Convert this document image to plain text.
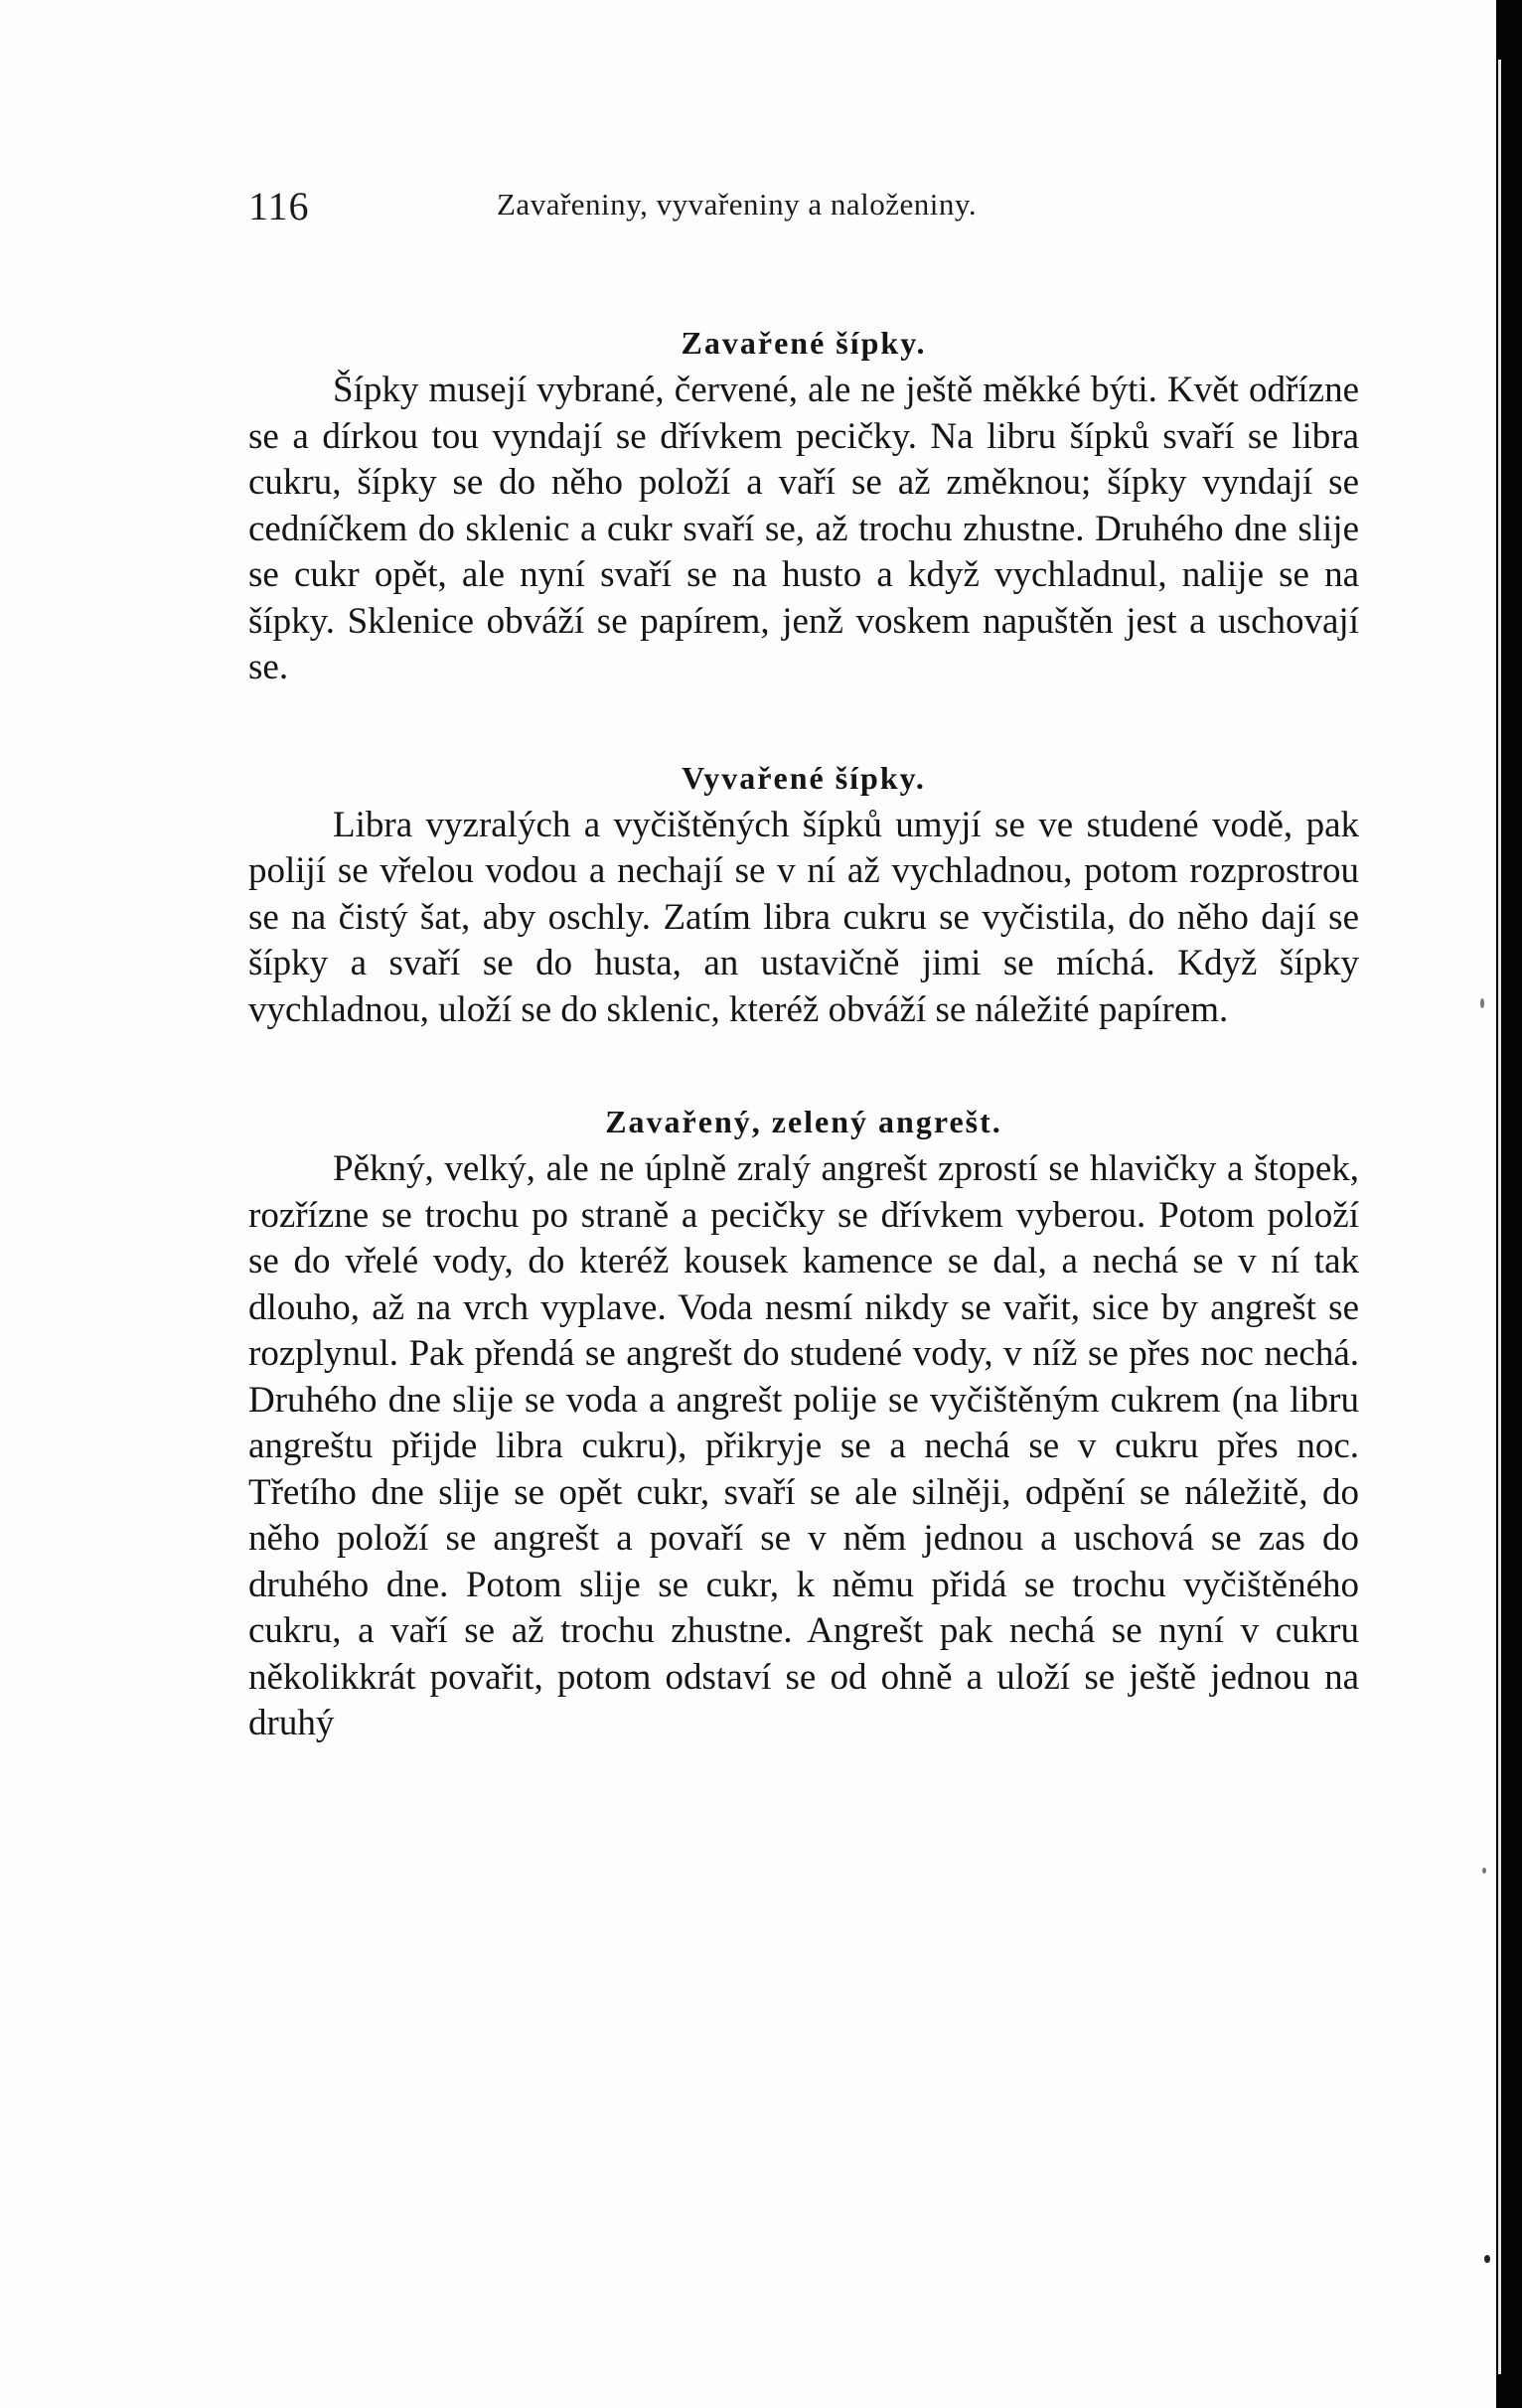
116	Zavařeniny, vyvařeniny a naloženiny.
Zavařené šípky.

Šípky musejí vybrané, červené, ale ne ještě měkké býti. Květ odřízne se a dírkou tou vyndají se dřívkem pecičky. Na libru šípků svaří se libra cukru, šípky se do něho položí a vaří se až změknou; šípky vyndají se cedníčkem do sklenic a cukr svaří se, až trochu zhustne. Druhého dne slije se cukr opět, ale nyní svaří se na husto a když vychladnul, nalije se na šípky. Sklenice obváží se papírem, jenž voskem napuštěn jest a uschovají se.

Vyvařené šípky.

Libra vyzralých a vyčištěných šípků umyjí se ve studené vodě, pak polijí se vřelou vodou a nechají se v ní až vychladnou, potom rozprostrou se na čistý šat, aby oschly. Zatím libra cukru se vyčistila, do něho dají se šípky a svaří se do husta, an ustavičně jimi se míchá. Když šípky vychladnou, uloží se do sklenic, kteréž obváží se náležité papírem.

Zavařený, zelený angrešt.

Pěkný, velký, ale ne úplně zralý angrešt zprostí se hlavičky a štopek, rozřízne se trochu po straně a pecičky se dřívkem vyberou. Potom položí se do vřelé vody, do kteréž kousek kamence se dal, a nechá se v ní tak dlouho, až na vrch vyplave. Voda nesmí nikdy se vařit, sice by angrešt se rozplynul. Pak přendá se angrešt do studené vody, v níž se přes noc nechá. Druhého dne slije se voda a angrešt polije se vyčištěným cukrem (na libru angreštu přijde libra cukru), přikryje se a nechá se v cukru přes noc. Třetího dne slije se opět cukr, svaří se ale silněji, odpění se náležitě, do něho položí se angrešt a povaří se v něm jednou a uschová se zas do druhého dne. Potom slije se cukr, k němu přidá se trochu vyčištěného cukru, a vaří se až trochu zhustne. Angrešt pak nechá se nyní v cukru několikkrát povařit, potom odstaví se od ohně a uloží se ještě jednou na druhý
